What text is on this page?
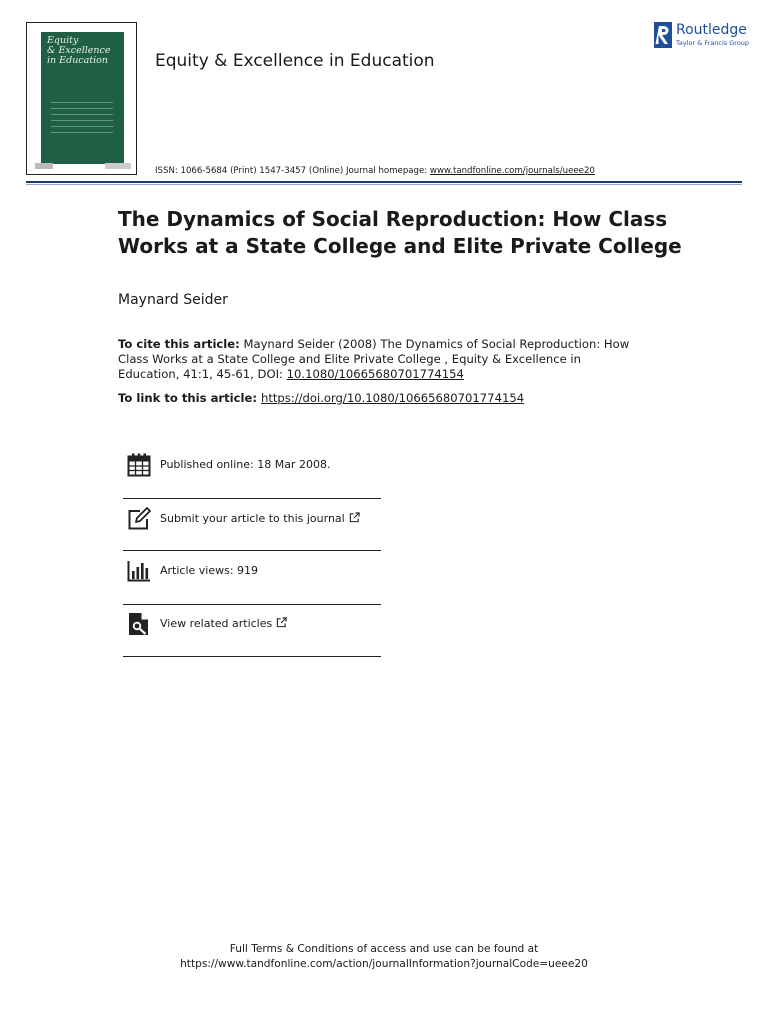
Equity
& Excellence
in Education	Equity & Excellence in Education
Routledge
Taylor & Francis Group
ISSN: 1066-5684 (Print) 1547-3457 (Online) Journal homepage: www.tandfonline.com/journals/ueee20
The Dynamics of Social Reproduction: How Class
Works at a State College and Elite Private College
Maynard Seider
To cite this article: Maynard Seider (2008) The Dynamics of Social Reproduction: How Class Works at a State College and Elite Private College , Equity & Excellence in Education, 41:1, 45-61, DOI: 10.1080/10665680701774154
To link to this article: https://doi.org/10.1080/10665680701774154
Published online: 18 Mar 2008.
Submit your article to this journal
Article views: 919
View related articles
Full Terms & Conditions of access and use can be found at
https://www.tandfonline.com/action/journalInformation?journalCode=ueee20
